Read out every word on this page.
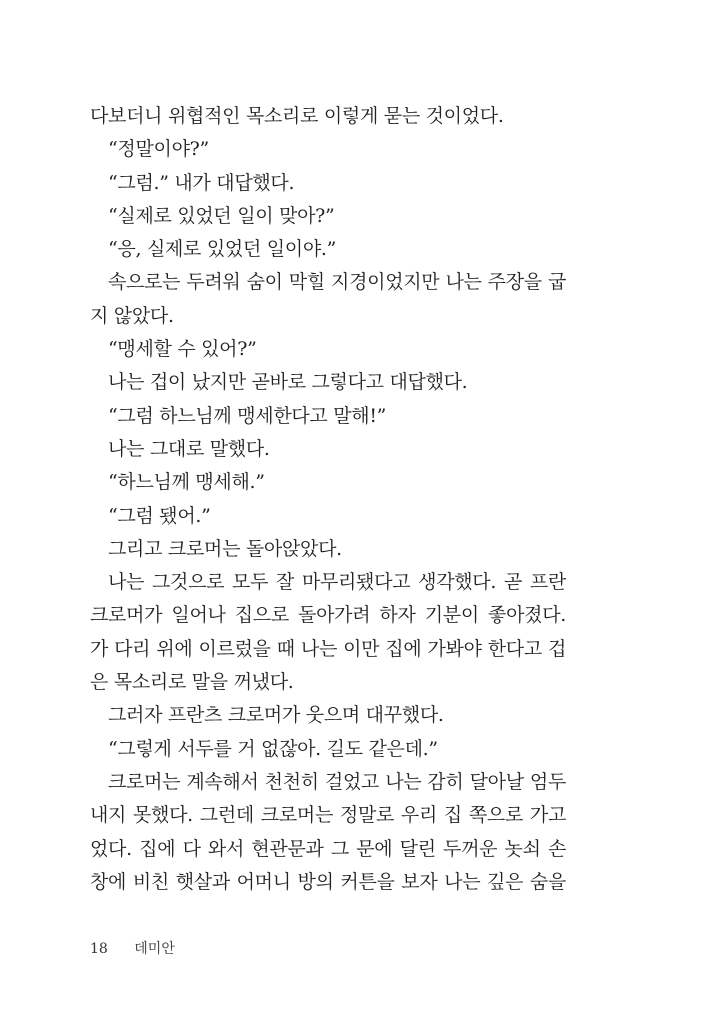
다보더니 위협적인 목소리로 이렇게 묻는 것이었다.
“정말이야?”
“그럼.” 내가 대답했다.
“실제로 있었던 일이 맞아?”
“응, 실제로 있었던 일이야.”
속으로는 두려워 숨이 막힐 지경이었지만 나는 주장을 굽
지 않았다.
“맹세할 수 있어?”
나는 겁이 났지만 곧바로 그렇다고 대답했다.
“그럼 하느님께 맹세한다고 말해!”
나는 그대로 말했다.
“하느님께 맹세해.”
“그럼 됐어.”
그리고 크로머는 돌아앉았다.
나는 그것으로 모두 잘 마무리됐다고 생각했다. 곧 프란
크로머가 일어나 집으로 돌아가려 하자 기분이 좋아졌다.
가 다리 위에 이르렀을 때 나는 이만 집에 가봐야 한다고 겁
은 목소리로 말을 꺼냈다.
그러자 프란츠 크로머가 웃으며 대꾸했다.
“그렇게 서두를 거 없잖아. 길도 같은데.”
크로머는 계속해서 천천히 걸었고 나는 감히 달아날 엄두
내지 못했다. 그런데 크로머는 정말로 우리 집 쪽으로 가고
었다. 집에 다 와서 현관문과 그 문에 달린 두꺼운 놋쇠 손
창에 비친 햇살과 어머니 방의 커튼을 보자 나는 깊은 숨을
18 데미안
